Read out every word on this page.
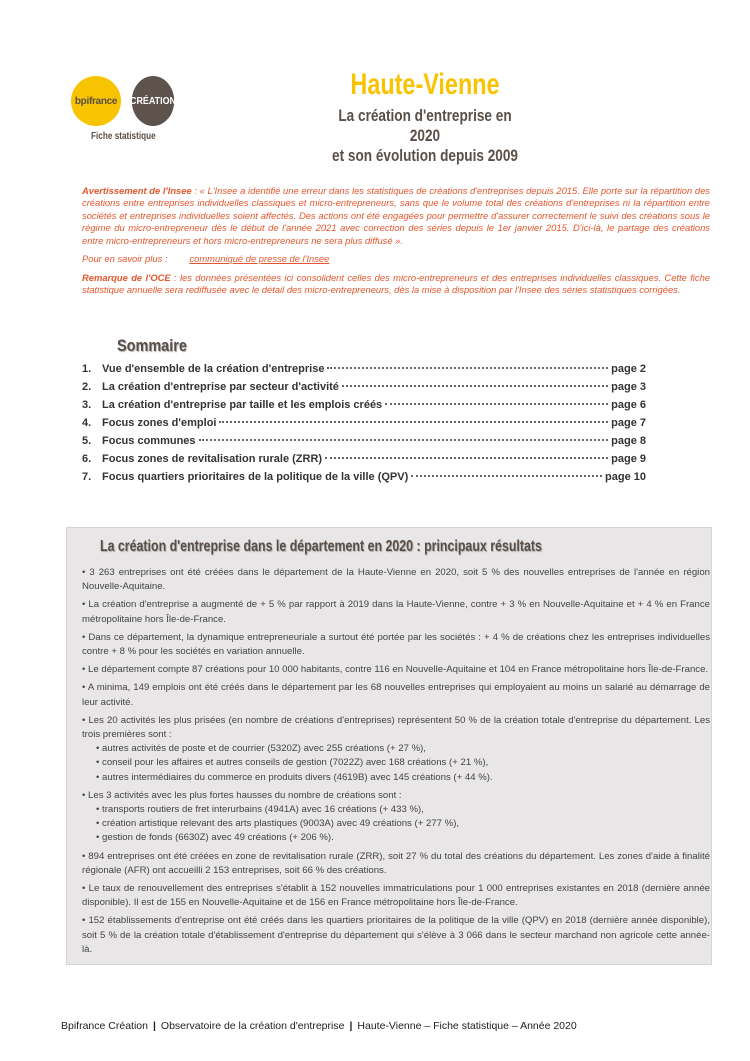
bpifrance CRÉATION
Fiche statistique
Haute-Vienne
La création d'entreprise en 2020
et son évolution depuis 2009
Avertissement de l'Insee : « L'Insee a identifié une erreur dans les statistiques de créations d'entreprises depuis 2015. Elle porte sur la répartition des créations entre entreprises individuelles classiques et micro-entrepreneurs, sans que le volume total des créations d'entreprises ni la répartition entre sociétés et entreprises individuelles soient affectés. Des actions ont été engagées pour permettre d'assurer correctement le suivi des créations sous le régime du micro-entrepreneur dès le début de l'année 2021 avec correction des séries depuis le 1er janvier 2015. D'ici-là, le partage des créations entre micro-entrepreneurs et hors micro-entrepreneurs ne sera plus diffusé ».
Pour en savoir plus : communiqué de presse de l'Insee
Remarque de l'OCE : les données présentées ici consolident celles des micro-entrepreneurs et des entreprises individuelles classiques. Cette fiche statistique annuelle sera rediffusée avec le détail des micro-entrepreneurs, dès la mise à disposition par l'Insee des séries statistiques corrigées.
Sommaire
1. Vue d'ensemble de la création d'entreprise	page 2
2. La création d'entreprise par secteur d'activité	page 3
3. La création d'entreprise par taille et les emplois créés	page 6
4. Focus zones d'emploi	page 7
5. Focus communes	page 8
6. Focus zones de revitalisation rurale (ZRR)	page 9
7. Focus quartiers prioritaires de la politique de la ville (QPV)	page 10
La création d'entreprise dans le département en 2020 : principaux résultats

• 3 263 entreprises ont été créées dans le département de la Haute-Vienne en 2020, soit 5 % des nouvelles entreprises de l'année en région Nouvelle-Aquitaine.

• La création d'entreprise a augmenté de + 5 % par rapport à 2019 dans la Haute-Vienne, contre + 3 % en Nouvelle-Aquitaine et + 4 % en France métropolitaine hors Île-de-France.

• Dans ce département, la dynamique entrepreneuriale a surtout été portée par les sociétés : + 4 % de créations chez les entreprises individuelles contre + 8 % pour les sociétés en variation annuelle.

• Le département compte 87 créations pour 10 000 habitants, contre 116 en Nouvelle-Aquitaine et 104 en France métropolitaine hors Île-de-France.

• A minima, 149 emplois ont été créés dans le département par les 68 nouvelles entreprises qui employaient au moins un salarié au démarrage de leur activité.

• Les 20 activités les plus prisées (en nombre de créations d'entreprises) représentent 50 % de la création totale d'entreprise du département. Les trois premières sont :
• autres activités de poste et de courrier (5320Z) avec 255 créations (+ 27 %),
• conseil pour les affaires et autres conseils de gestion (7022Z) avec 168 créations (+ 21 %),
• autres intermédiaires du commerce en produits divers (4619B) avec 145 créations (+ 44 %).

• Les 3 activités avec les plus fortes hausses du nombre de créations sont :
• transports routiers de fret interurbains (4941A) avec 16 créations (+ 433 %),
• création artistique relevant des arts plastiques (9003A) avec 49 créations (+ 277 %),
• gestion de fonds (6630Z) avec 49 créations (+ 206 %).

• 894 entreprises ont été créées en zone de revitalisation rurale (ZRR), soit 27 % du total des créations du département. Les zones d'aide à finalité régionale (AFR) ont accueilli 2 153 entreprises, soit 66 % des créations.

• Le taux de renouvellement des entreprises s'établit à 152 nouvelles immatriculations pour 1 000 entreprises existantes en 2018 (dernière année disponible). Il est de 155 en Nouvelle-Aquitaine et de 156 en France métropolitaine hors Île-de-France.

• 152 établissements d'entreprise ont été créés dans les quartiers prioritaires de la politique de la ville (QPV) en 2018 (dernière année disponible), soit 5 % de la création totale d'établissement d'entreprise du département qui s'élève à 3 066 dans le secteur marchand non agricole cette année-là.

Bpifrance Création | Observatoire de la création d'entreprise | Haute-Vienne – Fiche statistique – Année 2020
